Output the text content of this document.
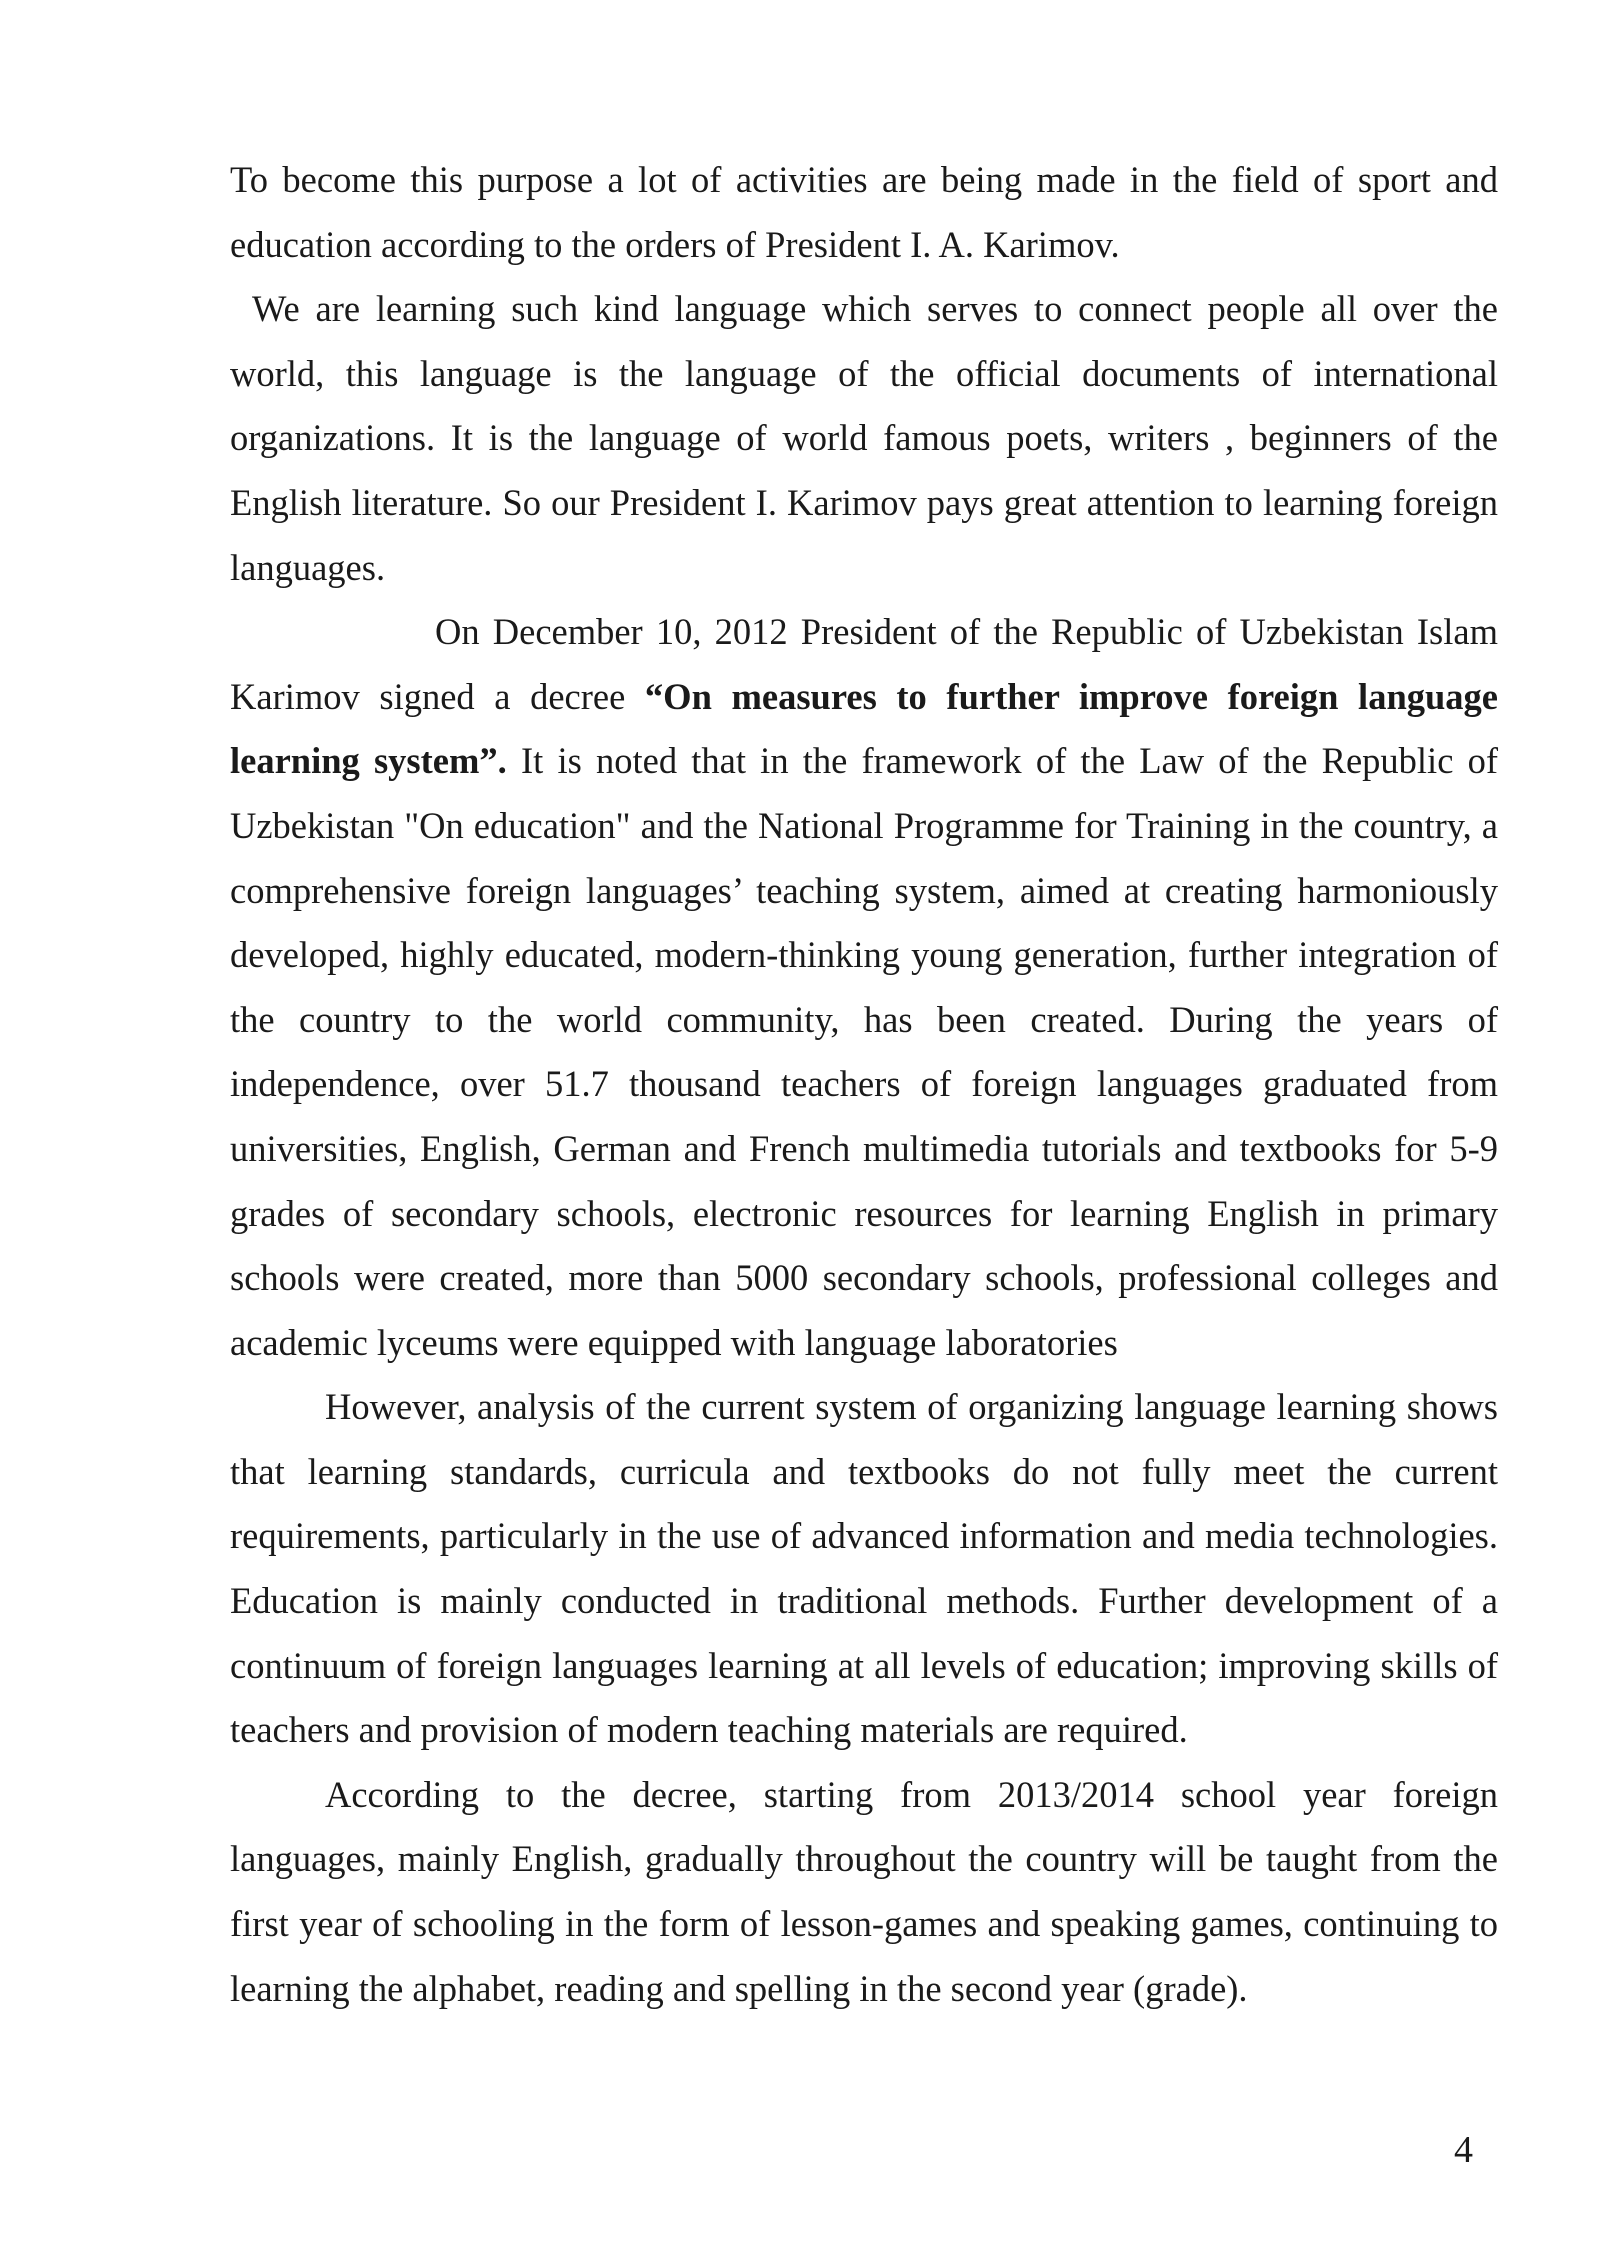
To become this purpose a lot of activities are being made in the field of sport and education according to the orders of President I. A. Karimov.

We are learning such kind language which serves to connect people all over the world, this language is the language of the official documents of international organizations. It is the language of world famous poets, writers , beginners of the English literature. So our President I. Karimov pays great attention to learning foreign languages.

On December 10, 2012 President of the Republic of Uzbekistan Islam Karimov signed a decree “On measures to further improve foreign language learning system”. It is noted that in the framework of the Law of the Republic of Uzbekistan "On education" and the National Programme for Training in the country, a comprehensive foreign languages’ teaching system, aimed at creating harmoniously developed, highly educated, modern-thinking young generation, further integration of the country to the world community, has been created. During the years of independence, over 51.7 thousand teachers of foreign languages graduated from universities, English, German and French multimedia tutorials and textbooks for 5-9 grades of secondary schools, electronic resources for learning English in primary schools were created, more than 5000 secondary schools, professional colleges and academic lyceums were equipped with language laboratories

However, analysis of the current system of organizing language learning shows that learning standards, curricula and textbooks do not fully meet the current requirements, particularly in the use of advanced information and media technologies. Education is mainly conducted in traditional methods. Further development of a continuum of foreign languages learning at all levels of education; improving skills of teachers and provision of modern teaching materials are required.

According to the decree, starting from 2013/2014 school year foreign languages, mainly English, gradually throughout the country will be taught from the first year of schooling in the form of lesson-games and speaking games, continuing to learning the alphabet, reading and spelling in the second year (grade).

4
